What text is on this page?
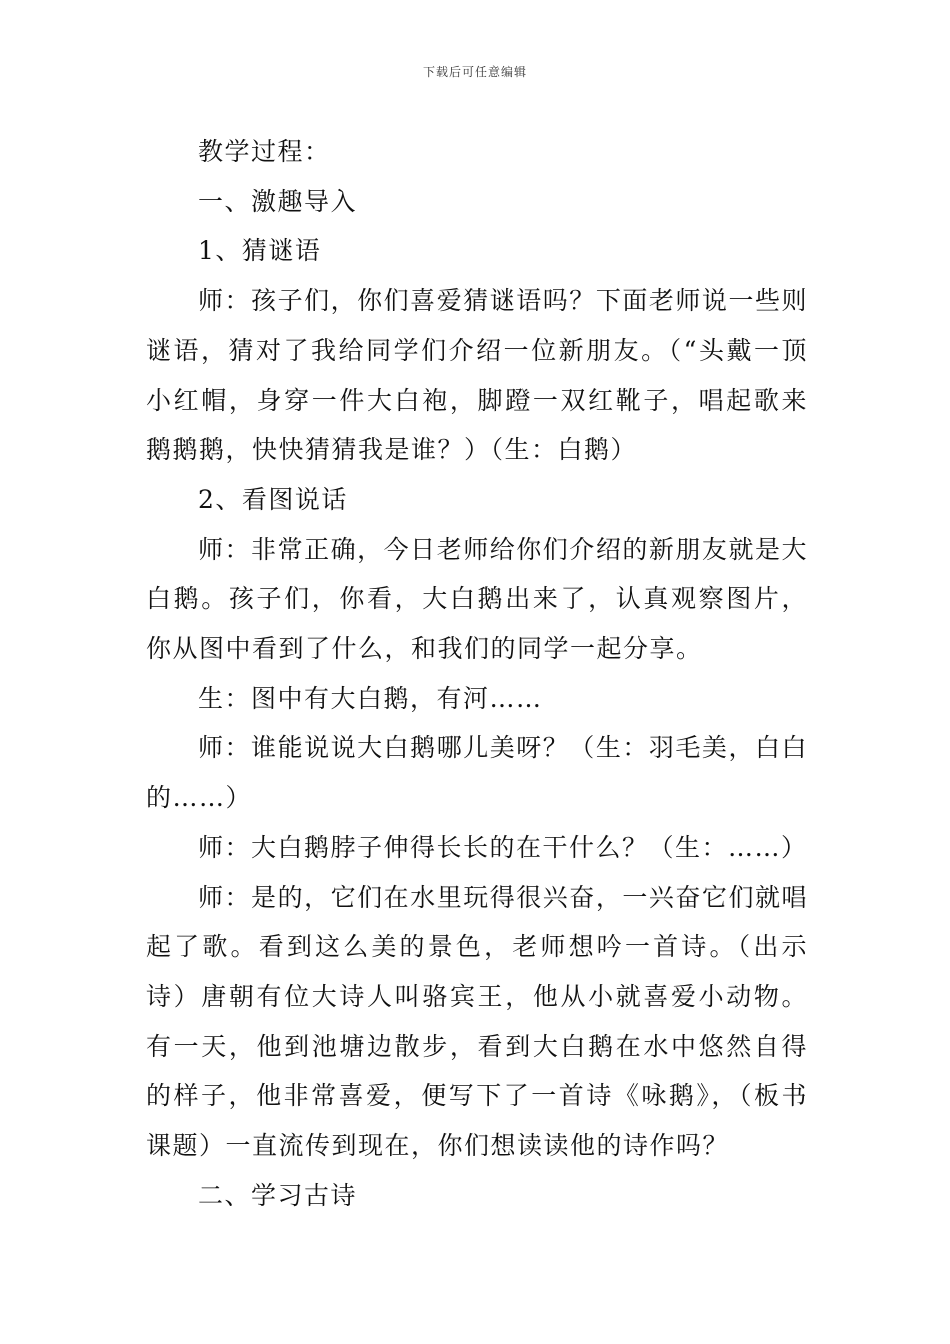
下载后可任意编辑

教学过程：

一、激趣导入

1、猜谜语

师：孩子们，你们喜爱猜谜语吗？下面老师说一些则谜语，猜对了我给同学们介绍一位新朋友。（“头戴一顶小红帽，身穿一件大白袍，脚蹬一双红靴子，唱起歌来鹅鹅鹅，快快猜猜我是谁？）（生：白鹅）

2、看图说话

师：非常正确，今日老师给你们介绍的新朋友就是大白鹅。孩子们，你看，大白鹅出来了，认真观察图片，你从图中看到了什么，和我们的同学一起分享。

生：图中有大白鹅，有河……

师：谁能说说大白鹅哪儿美呀？（生：羽毛美，白白的……）

师：大白鹅脖子伸得长长的在干什么？（生：……）

师：是的，它们在水里玩得很兴奋，一兴奋它们就唱起了歌。看到这么美的景色，老师想吟一首诗。（出示诗）唐朝有位大诗人叫骆宾王，他从小就喜爱小动物。有一天，他到池塘边散步，看到大白鹅在水中悠然自得的样子，他非常喜爱，便写下了一首诗《咏鹅》，（板书课题）一直流传到现在，你们想读读他的诗作吗？

二、学习古诗
